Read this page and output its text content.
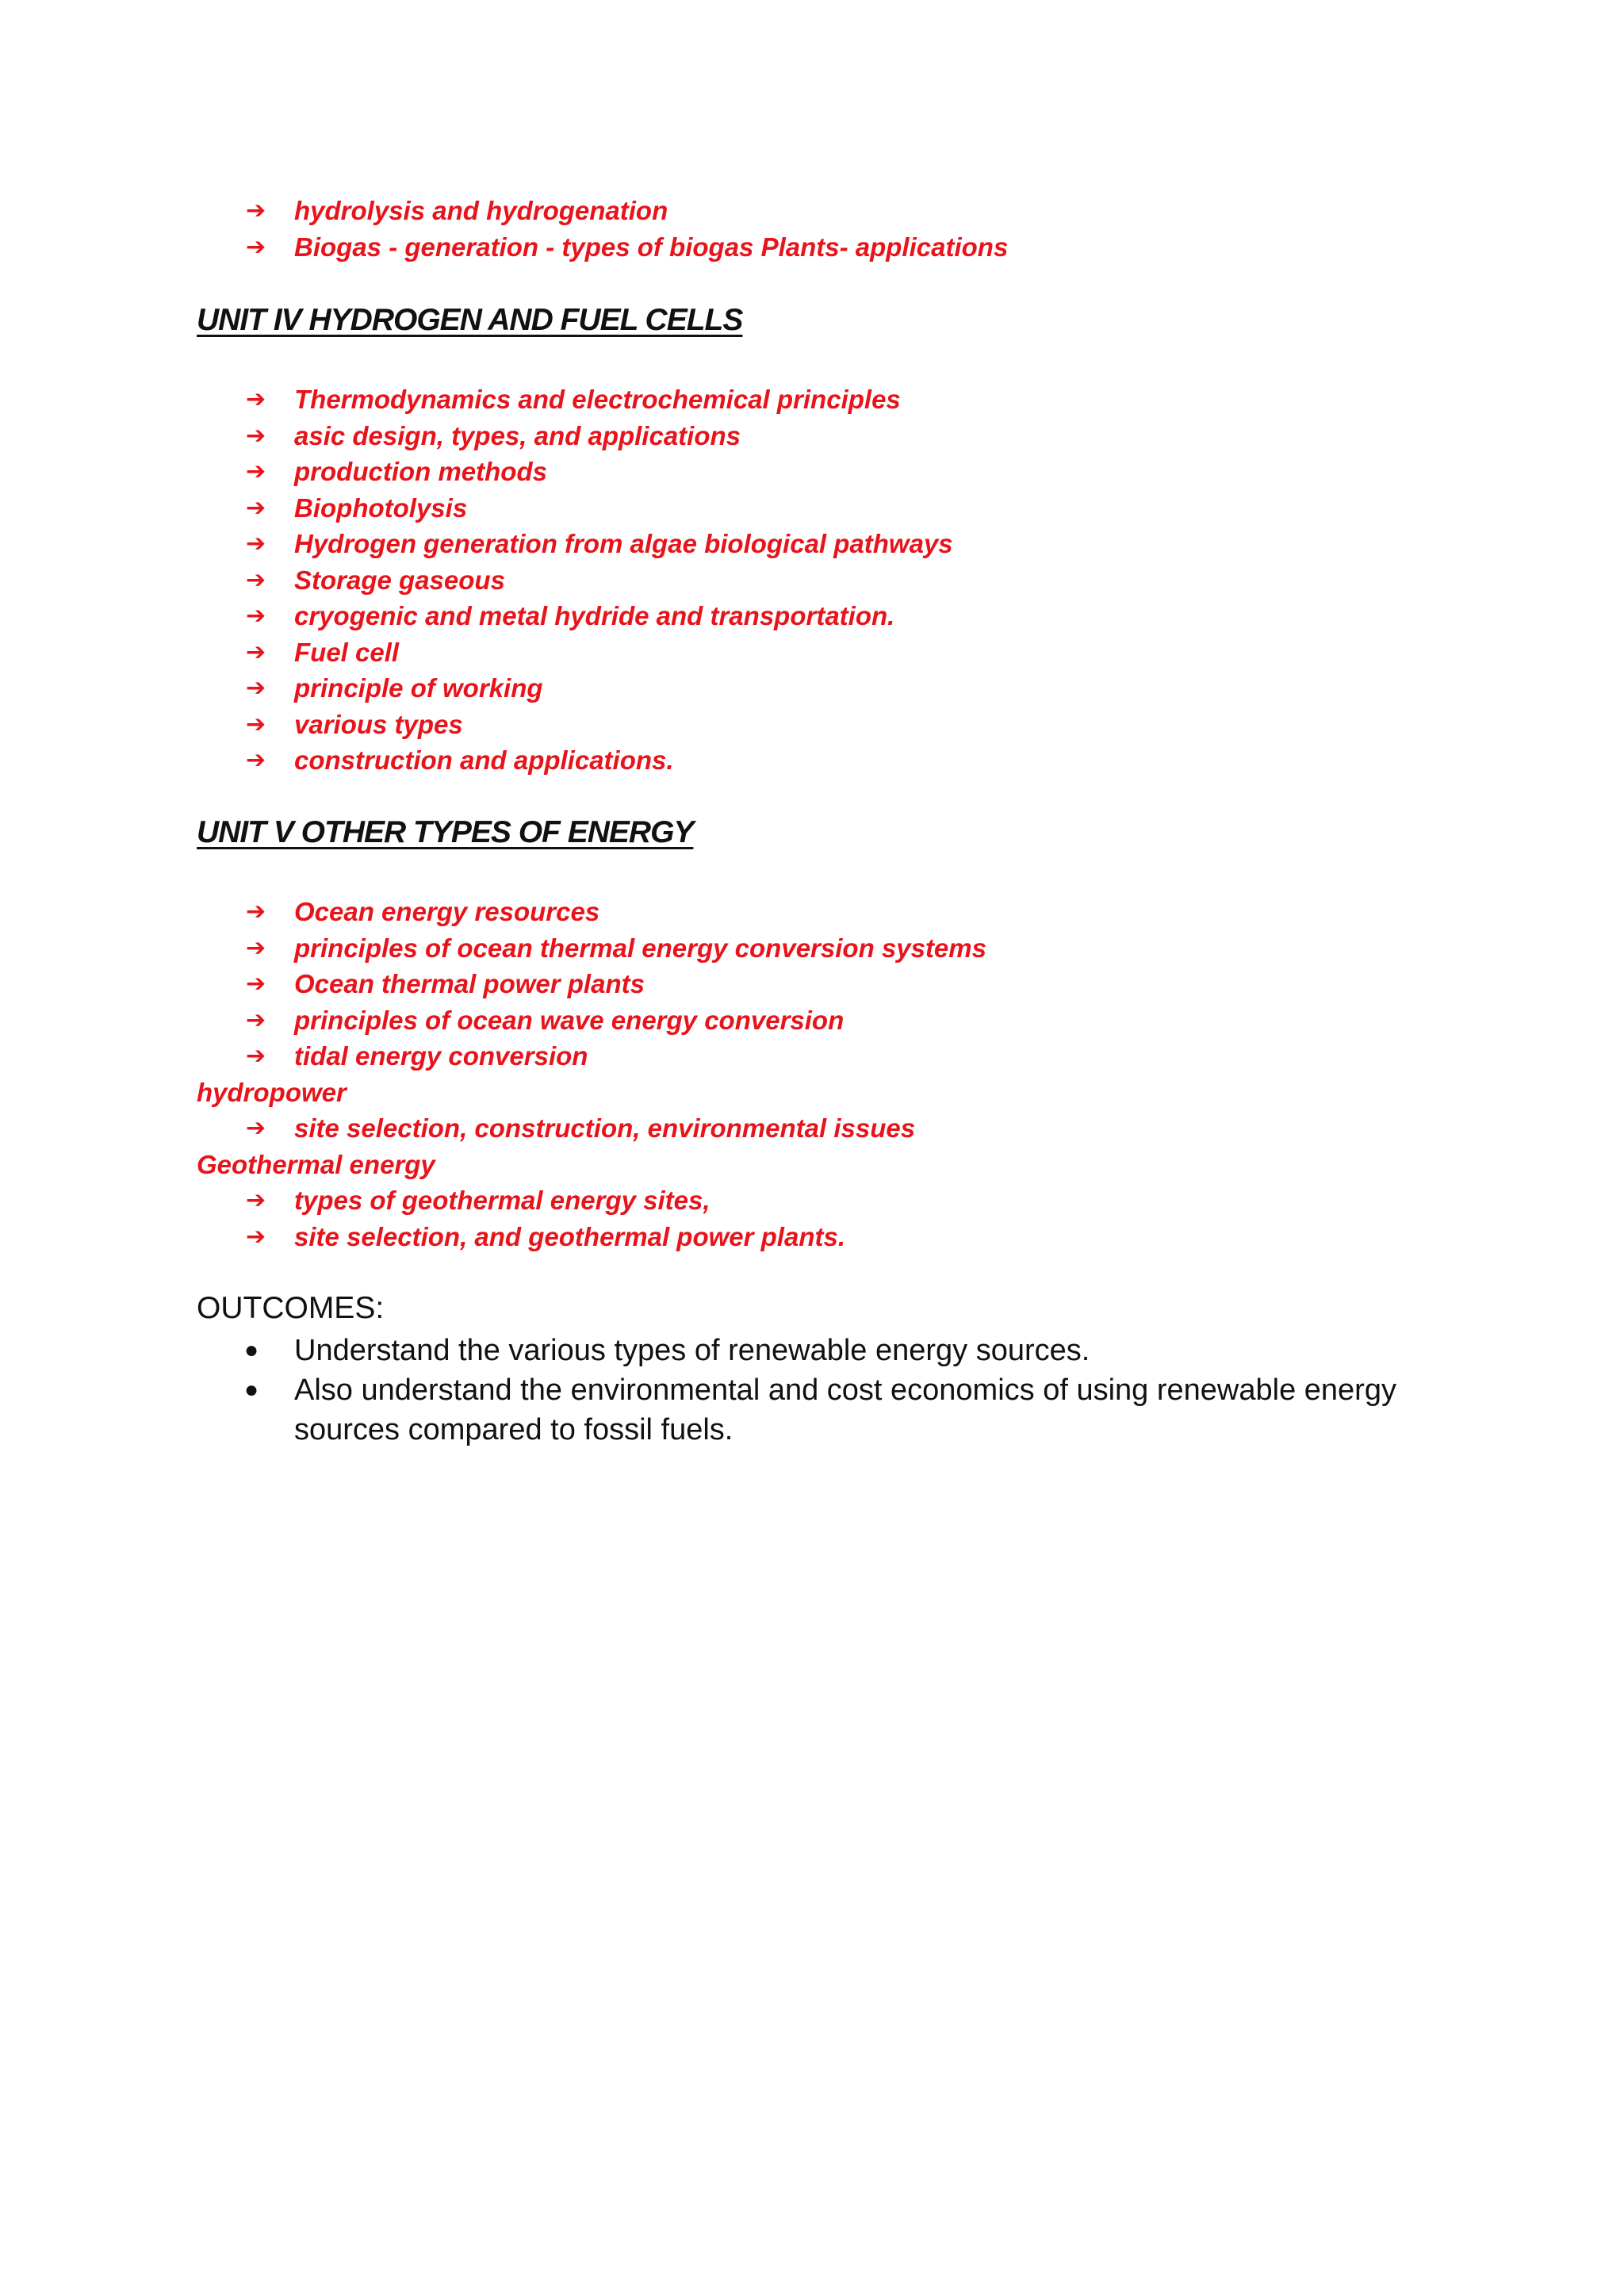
➔ hydrolysis and hydrogenation
➔ Biogas - generation - types of biogas Plants- applications
UNIT IV HYDROGEN AND FUEL CELLS
➔ Thermodynamics and electrochemical principles
➔ asic design, types, and applications
➔ production methods
➔ Biophotolysis
➔ Hydrogen generation from algae biological pathways
➔ Storage gaseous
➔ cryogenic and metal hydride and transportation.
➔ Fuel cell
➔ principle of working
➔ various types
➔ construction and applications.
UNIT V OTHER TYPES OF ENERGY
➔ Ocean energy resources
➔ principles of ocean thermal energy conversion systems
➔ Ocean thermal power plants
➔ principles of ocean wave energy conversion
➔ tidal energy conversion
hydropower
➔ site selection, construction, environmental issues
Geothermal energy
➔ types of geothermal energy sites,
➔ site selection, and geothermal power plants.
OUTCOMES:
● Understand the various types of renewable energy sources.
● Also understand the environmental and cost economics of using renewable energy sources compared to fossil fuels.
